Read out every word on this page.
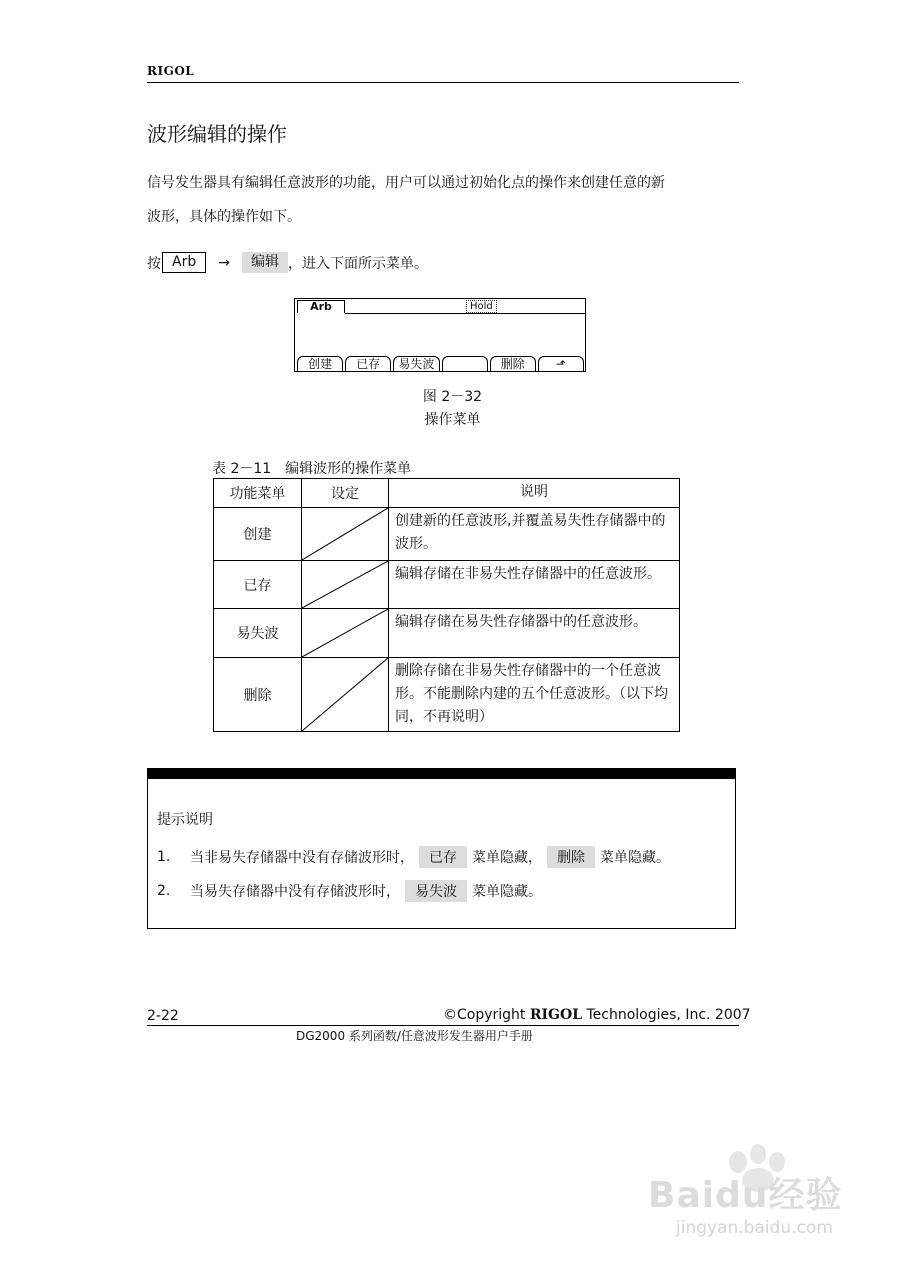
RIGOL
波形编辑的操作
信号发生器具有编辑任意波形的功能，用户可以通过初始化点的操作来创建任意的新
波形，具体的操作如下。
按 Arb	→	编辑 ，进入下面所示菜单。
Arb	Hold
创建	已存	易失波	删除	⬏
图 2－32
操作菜单
表 2－11　编辑波形的操作菜单
功能菜单	设定	说明
创建		创建新的任意波形,并覆盖易失性存储器中的波形。
已存		编辑存储在非易失性存储器中的任意波形。
易失波		编辑存储在易失性存储器中的任意波形。
删除		删除存储在非易失性存储器中的一个任意波形。不能删除内建的五个任意波形。（以下均同，不再说明）
提示说明
1.	当非易失存储器中没有存储波形时，	已存	菜单隐藏，	删除	菜单隐藏。
2.	当易失存储器中没有存储波形时，	易失波	菜单隐藏。
2-22	©Copyright RIGOL Technologies, Inc. 2007
DG2000 系列函数/任意波形发生器用户手册
Baidu经验
jingyan.baidu.com
